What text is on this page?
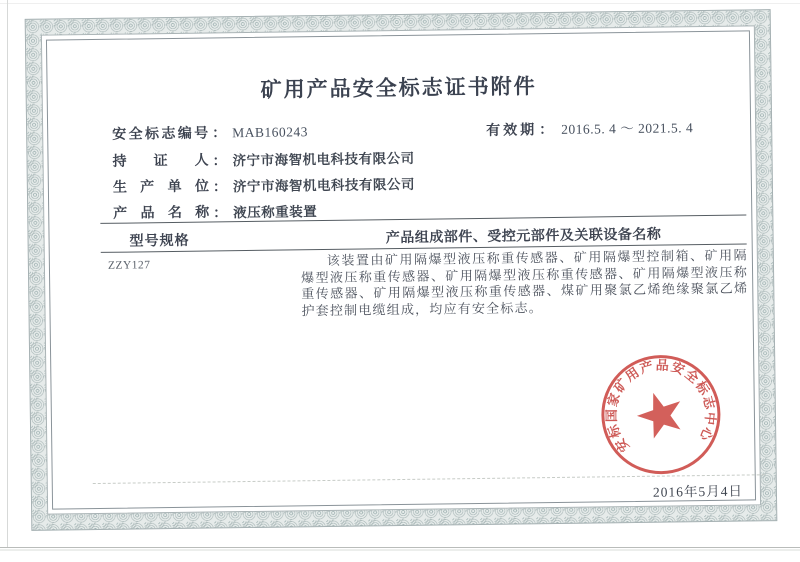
矿用产品安全标志证书附件
安全标志编号 ： MAB160243	有效期 ： 2016.5. 4 ～ 2021.5. 4
持证人 ： 济宁市海智机电科技有限公司
生产单位 ： 济宁市海智机电科技有限公司
产品名称 ： 液压称重装置
型号规格	产品组成部件、受控元部件及关联设备名称
ZZY127	该装置由矿用隔爆型液压称重传感器、矿用隔爆型控制箱、矿用隔爆型液压称重传感器、矿用隔爆型液压称重传感器、矿用隔爆型液压称重传感器、矿用隔爆型液压称重传感器、煤矿用聚氯乙烯绝缘聚氯乙烯护套控制电缆组成，均应有安全标志。
2016年5月4日
安标国家矿用产品安全标志中心
